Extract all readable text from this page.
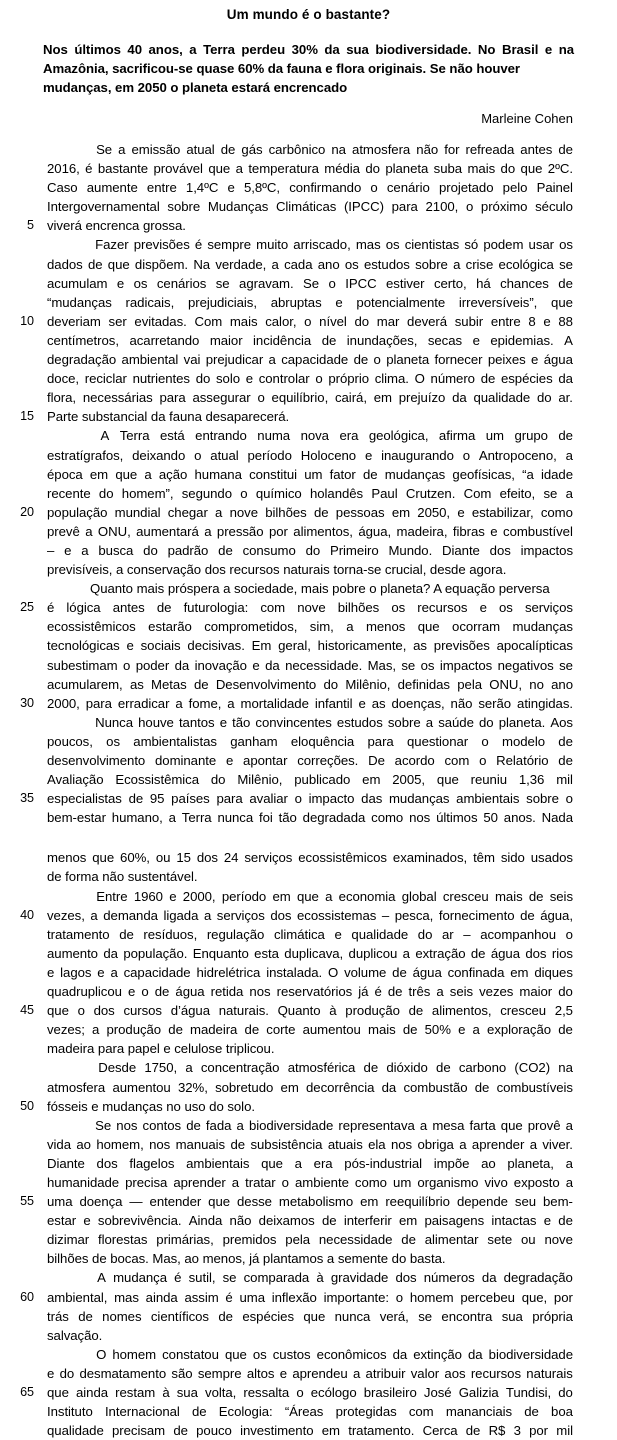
Um mundo é o bastante?
Nos últimos 40 anos, a Terra perdeu 30% da sua biodiversidade. No Brasil e na Amazônia, sacrificou-se quase 60% da fauna e flora originais. Se não houver
mudanças, em 2050 o planeta estará encrencado
Marleine Cohen
Se a emissão atual de gás carbônico na atmosfera não for refreada antes de
2016, é bastante provável que a temperatura média do planeta suba mais do que 2ºC.
Caso aumente entre 1,4ºC e 5,8ºC, confirmando o cenário projetado pelo Painel
Intergovernamental sobre Mudanças Climáticas (IPCC) para 2100, o próximo século
5 viverá encrenca grossa.
Fazer previsões é sempre muito arriscado, mas os cientistas só podem usar os
dados de que dispõem. Na verdade, a cada ano os estudos sobre a crise ecológica se
acumulam e os cenários se agravam. Se o IPCC estiver certo, há chances de
“mudanças radicais, prejudiciais, abruptas e potencialmente irreversíveis”, que
10 deveriam ser evitadas. Com mais calor, o nível do mar deverá subir entre 8 e 88
centímetros, acarretando maior incidência de inundações, secas e epidemias. A
degradação ambiental vai prejudicar a capacidade de o planeta fornecer peixes e água
doce, reciclar nutrientes do solo e controlar o próprio clima. O número de espécies da
flora, necessárias para assegurar o equilíbrio, cairá, em prejuízo da qualidade do ar.
15 Parte substancial da fauna desaparecerá.
A Terra está entrando numa nova era geológica, afirma um grupo de
estratígrafos, deixando o atual período Holoceno e inaugurando o Antropoceno, a
época em que a ação humana constitui um fator de mudanças geofísicas, “a idade
recente do homem”, segundo o químico holandês Paul Crutzen. Com efeito, se a
20 população mundial chegar a nove bilhões de pessoas em 2050, e estabilizar, como
prevê a ONU, aumentará a pressão por alimentos, água, madeira, fibras e combustível
– e a busca do padrão de consumo do Primeiro Mundo. Diante dos impactos
previsíveis, a conservação dos recursos naturais torna-se crucial, desde agora.
Quanto mais próspera a sociedade, mais pobre o planeta? A equação perversa
25 é lógica antes de futurologia: com nove bilhões os recursos e os serviços
ecossistêmicos estarão comprometidos, sim, a menos que ocorram mudanças
tecnológicas e sociais decisivas. Em geral, historicamente, as previsões apocalípticas
subestimam o poder da inovação e da necessidade. Mas, se os impactos negativos se
acumularem, as Metas de Desenvolvimento do Milênio, definidas pela ONU, no ano
30 2000, para erradicar a fome, a mortalidade infantil e as doenças, não serão atingidas.
Nunca houve tantos e tão convincentes estudos sobre a saúde do planeta. Aos
poucos, os ambientalistas ganham eloquência para questionar o modelo de
desenvolvimento dominante e apontar correções. De acordo com o Relatório de
Avaliação Ecossistêmica do Milênio, publicado em 2005, que reuniu 1,36 mil
35 especialistas de 95 países para avaliar o impacto das mudanças ambientais sobre o
bem-estar humano, a Terra nunca foi tão degradada como nos últimos 50 anos. Nada
menos que 60%, ou 15 dos 24 serviços ecossistêmicos examinados, têm sido usados
de forma não sustentável.
Entre 1960 e 2000, período em que a economia global cresceu mais de seis
40 vezes, a demanda ligada a serviços dos ecossistemas – pesca, fornecimento de água,
tratamento de resíduos, regulação climática e qualidade do ar – acompanhou o
aumento da população. Enquanto esta duplicava, duplicou a extração de água dos rios
e lagos e a capacidade hidrelétrica instalada. O volume de água confinada em diques
quadruplicou e o de água retida nos reservatórios já é de três a seis vezes maior do
45 que o dos cursos d’água naturais. Quanto à produção de alimentos, cresceu 2,5
vezes; a produção de madeira de corte aumentou mais de 50% e a exploração de
madeira para papel e celulose triplicou.
Desde 1750, a concentração atmosférica de dióxido de carbono (CO2) na
atmosfera aumentou 32%, sobretudo em decorrência da combustão de combustíveis
50 fósseis e mudanças no uso do solo.
Se nos contos de fada a biodiversidade representava a mesa farta que provê a
vida ao homem, nos manuais de subsistência atuais ela nos obriga a aprender a viver.
Diante dos flagelos ambientais que a era pós-industrial impõe ao planeta, a
humanidade precisa aprender a tratar o ambiente como um organismo vivo exposto a
55 uma doença — entender que desse metabolismo em reequilíbrio depende seu bem-
estar e sobrevivência. Ainda não deixamos de interferir em paisagens intactas e de
dizimar florestas primárias, premidos pela necessidade de alimentar sete ou nove
bilhões de bocas. Mas, ao menos, já plantamos a semente do basta.
A mudança é sutil, se comparada à gravidade dos números da degradação
60 ambiental, mas ainda assim é uma inflexão importante: o homem percebeu que, por
trás de nomes científicos de espécies que nunca verá, se encontra sua própria
salvação.
O homem constatou que os custos econômicos da extinção da biodiversidade
e do desmatamento são sempre altos e aprendeu a atribuir valor aos recursos naturais
65 que ainda restam à sua volta, ressalta o ecólogo brasileiro José Galizia Tundisi, do
Instituto Internacional de Ecologia: “Áreas protegidas com mananciais de boa
qualidade precisam de pouco investimento em tratamento. Cerca de R$ 3 por mil
